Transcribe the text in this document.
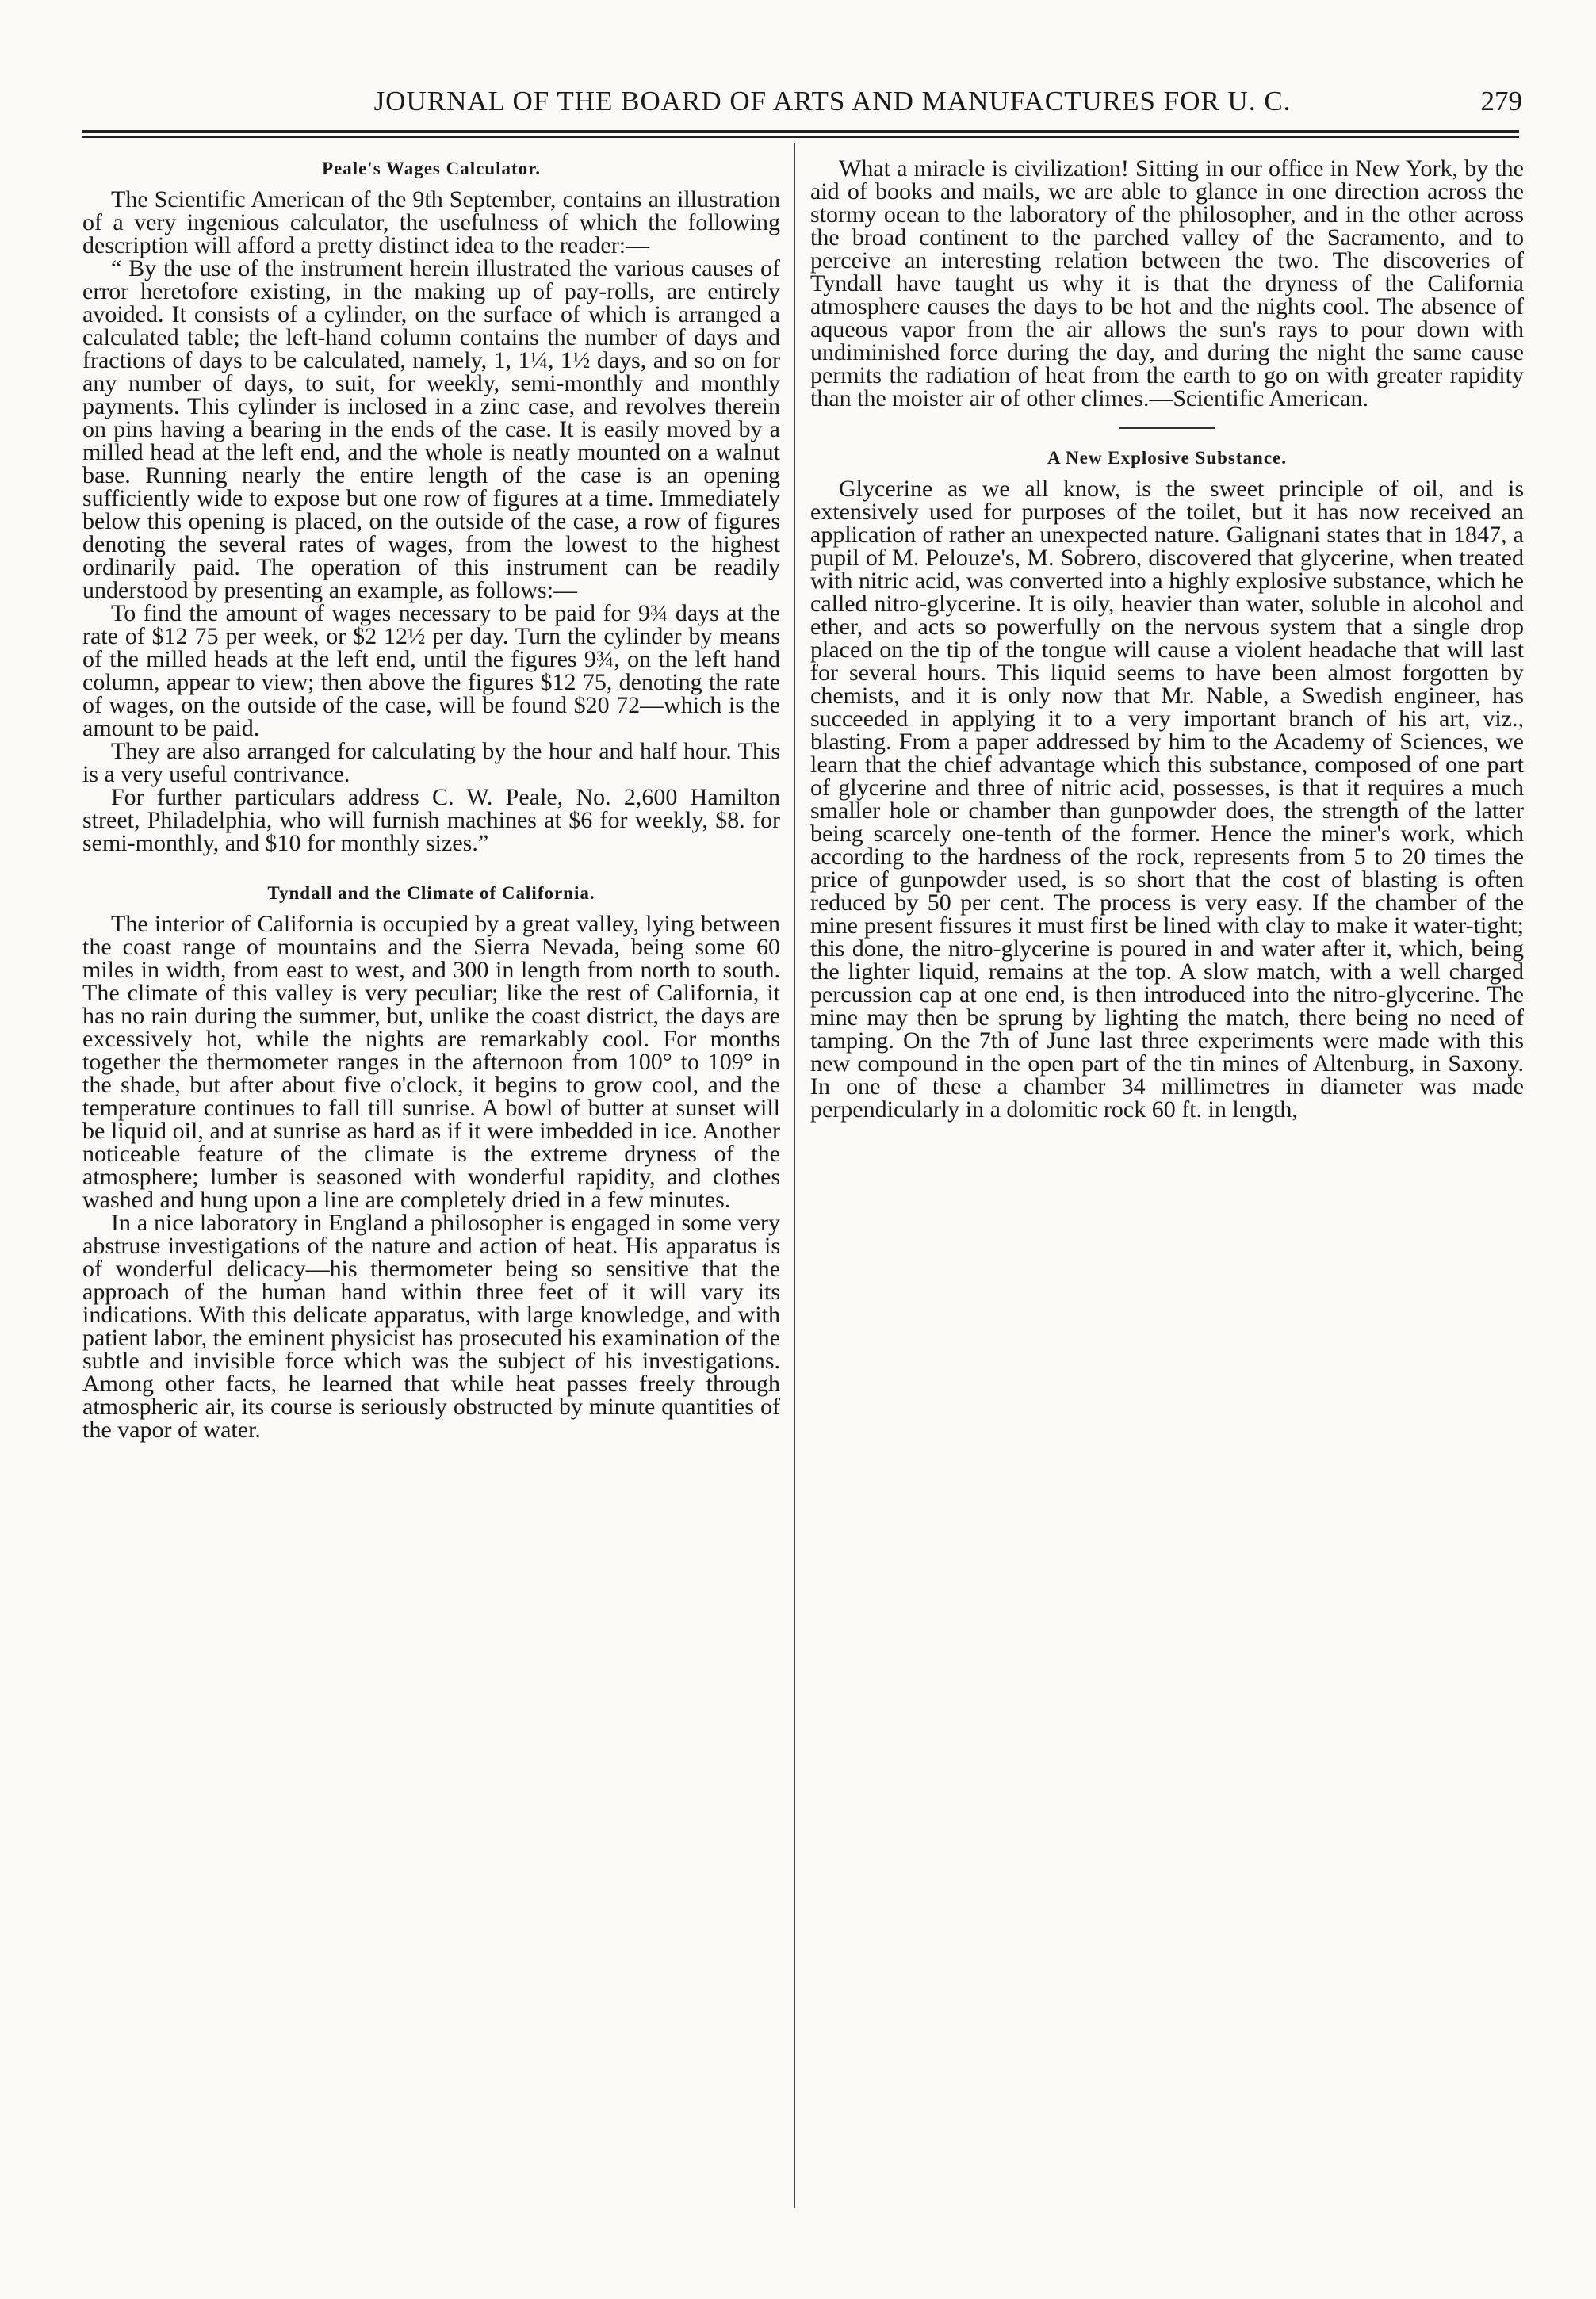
JOURNAL OF THE BOARD OF ARTS AND MANUFACTURES FOR U. C.	279
Peale's Wages Calculator.

The Scientific American of the 9th September, contains an illustration of a very ingenious calculator, the usefulness of which the following description will afford a pretty distinct idea to the reader:—

“ By the use of the instrument herein illustrated the various causes of error heretofore existing, in the making up of pay-rolls, are entirely avoided. It consists of a cylinder, on the surface of which is arranged a calculated table; the left-hand column contains the number of days and fractions of days to be calculated, namely, 1, 1¼, 1½ days, and so on for any number of days, to suit, for weekly, semi-monthly and monthly payments. This cylinder is inclosed in a zinc case, and revolves therein on pins having a bearing in the ends of the case. It is easily moved by a milled head at the left end, and the whole is neatly mounted on a walnut base. Running nearly the entire length of the case is an opening sufficiently wide to expose but one row of figures at a time. Immediately below this opening is placed, on the outside of the case, a row of figures denoting the several rates of wages, from the lowest to the highest ordinarily paid. The operation of this instrument can be readily understood by presenting an example, as follows:—

To find the amount of wages necessary to be paid for 9¾ days at the rate of $12 75 per week, or $2 12½ per day. Turn the cylinder by means of the milled heads at the left end, until the figures 9¾, on the left hand column, appear to view; then above the figures $12 75, denoting the rate of wages, on the outside of the case, will be found $20 72—which is the amount to be paid.

They are also arranged for calculating by the hour and half hour. This is a very useful contrivance.

For further particulars address C. W. Peale, No. 2,600 Hamilton street, Philadelphia, who will furnish machines at $6 for weekly, $8. for semi-monthly, and $10 for monthly sizes.”

Tyndall and the Climate of California.

The interior of California is occupied by a great valley, lying between the coast range of mountains and the Sierra Nevada, being some 60 miles in width, from east to west, and 300 in length from north to south. The climate of this valley is very peculiar; like the rest of California, it has no rain during the summer, but, unlike the coast district, the days are excessively hot, while the nights are remarkably cool. For months together the thermometer ranges in the afternoon from 100° to 109° in the shade, but after about five o'clock, it begins to grow cool, and the temperature continues to fall till sunrise. A bowl of butter at sunset will be liquid oil, and at sunrise as hard as if it were imbedded in ice. Another noticeable feature of the climate is the extreme dryness of the atmosphere; lumber is seasoned with wonderful rapidity, and clothes washed and hung upon a line are completely dried in a few minutes.

In a nice laboratory in England a philosopher is engaged in some very abstruse investigations of the nature and action of heat. His apparatus is of wonderful delicacy—his thermometer being so sensitive that the approach of the human hand within three feet of it will vary its indications. With this delicate apparatus, with large knowledge, and with patient labor, the eminent physicist has prosecuted his examination of the subtle and invisible force which was the subject of his investigations. Among other facts, he learned that while heat passes freely through atmospheric air, its course is seriously obstructed by minute quantities of the vapor of water.

What a miracle is civilization! Sitting in our office in New York, by the aid of books and mails, we are able to glance in one direction across the stormy ocean to the laboratory of the philosopher, and in the other across the broad continent to the parched valley of the Sacramento, and to perceive an interesting relation between the two. The discoveries of Tyndall have taught us why it is that the dryness of the California atmosphere causes the days to be hot and the nights cool. The absence of aqueous vapor from the air allows the sun's rays to pour down with undiminished force during the day, and during the night the same cause permits the radiation of heat from the earth to go on with greater rapidity than the moister air of other climes.—Scientific American.

A New Explosive Substance.

Glycerine as we all know, is the sweet principle of oil, and is extensively used for purposes of the toilet, but it has now received an application of rather an unexpected nature. Galignani states that in 1847, a pupil of M. Pelouze's, M. Sobrero, discovered that glycerine, when treated with nitric acid, was converted into a highly explosive substance, which he called nitro-glycerine. It is oily, heavier than water, soluble in alcohol and ether, and acts so powerfully on the nervous system that a single drop placed on the tip of the tongue will cause a violent headache that will last for several hours. This liquid seems to have been almost forgotten by chemists, and it is only now that Mr. Nable, a Swedish engineer, has succeeded in applying it to a very important branch of his art, viz., blasting. From a paper addressed by him to the Academy of Sciences, we learn that the chief advantage which this substance, composed of one part of glycerine and three of nitric acid, possesses, is that it requires a much smaller hole or chamber than gunpowder does, the strength of the latter being scarcely one-tenth of the former. Hence the miner's work, which according to the hardness of the rock, represents from 5 to 20 times the price of gunpowder used, is so short that the cost of blasting is often reduced by 50 per cent. The process is very easy. If the chamber of the mine present fissures it must first be lined with clay to make it water-tight; this done, the nitro-glycerine is poured in and water after it, which, being the lighter liquid, remains at the top. A slow match, with a well charged percussion cap at one end, is then introduced into the nitro-glycerine. The mine may then be sprung by lighting the match, there being no need of tamping. On the 7th of June last three experiments were made with this new compound in the open part of the tin mines of Altenburg, in Saxony. In one of these a chamber 34 millimetres in diameter was made perpendicularly in a dolomitic rock 60 ft. in length,
